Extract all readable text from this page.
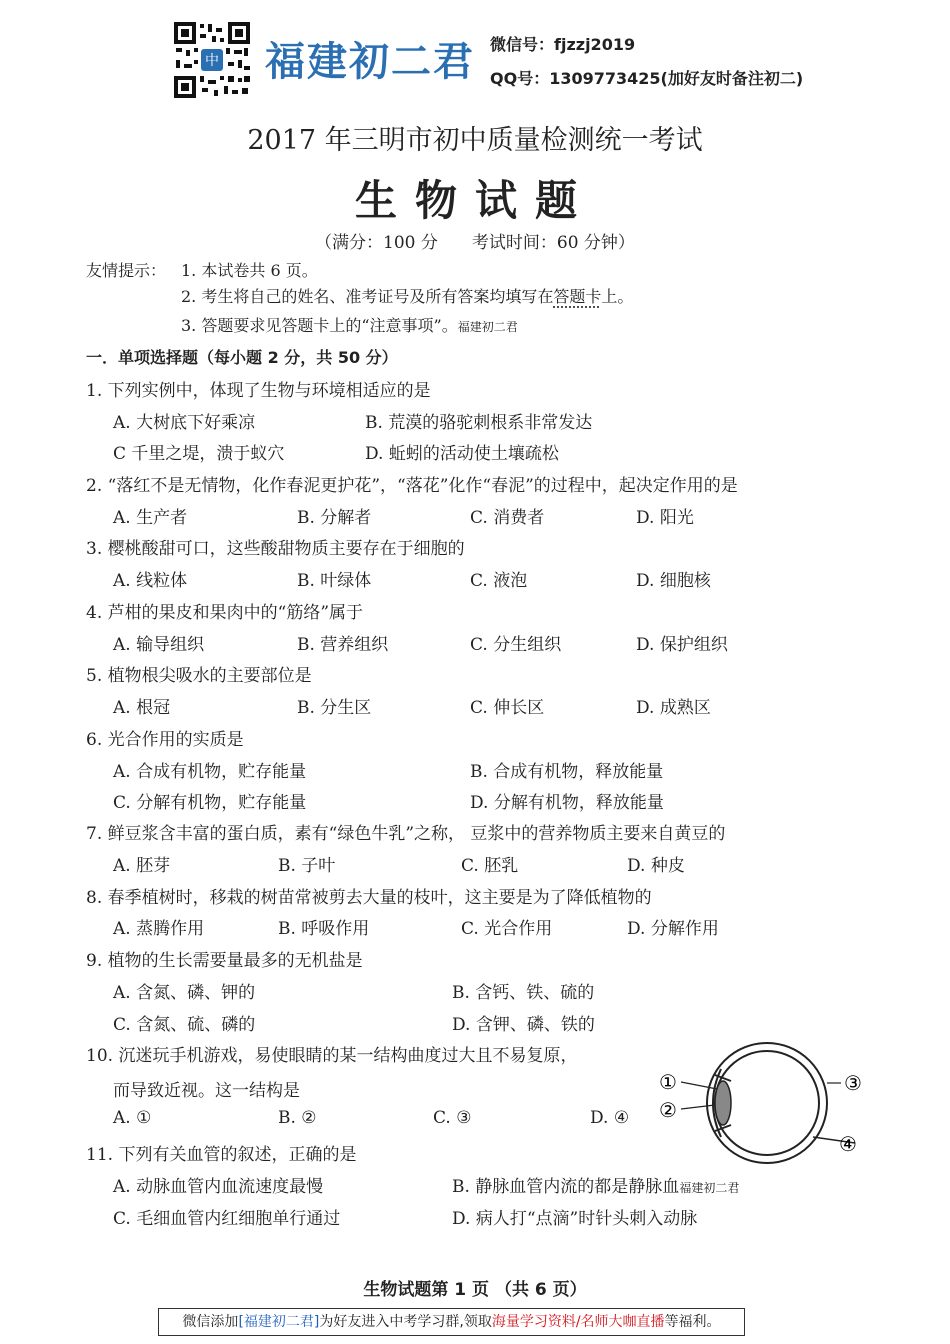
中 福建初二君 微信号：fjzzj2019
QQ号：1309773425(加好友时备注初二)
2017 年三明市初中质量检测统一考试
生物试题
（满分：100 分　　考试时间：60 分钟）
友情提示： 1. 本试卷共 6 页。
2. 考生将自己的姓名、准考证号及所有答案均填写在答题卡上。
3. 答题要求见答题卡上的“注意事项”。福建初二君
一．单项选择题（每小题 2 分，共 50 分）
1. 下列实例中，体现了生物与环境相适应的是
A. 大树底下好乘凉	B. 荒漠的骆驼刺根系非常发达
C 千里之堤，溃于蚁穴	D. 蚯蚓的活动使土壤疏松
2. “落红不是无情物，化作春泥更护花”，“落花”化作“春泥”的过程中，起决定作用的是
A. 生产者	B. 分解者	C. 消费者	D. 阳光
3. 樱桃酸甜可口，这些酸甜物质主要存在于细胞的
A. 线粒体	B. 叶绿体	C. 液泡	D. 细胞核
4. 芦柑的果皮和果肉中的“筋络”属于
A. 输导组织	B. 营养组织	C. 分生组织	D. 保护组织
5. 植物根尖吸水的主要部位是
A. 根冠	B. 分生区	C. 伸长区	D. 成熟区
6. 光合作用的实质是
A. 合成有机物，贮存能量	B. 合成有机物，释放能量
C. 分解有机物，贮存能量	D. 分解有机物，释放能量
7. 鲜豆浆含丰富的蛋白质，素有“绿色牛乳”之称， 豆浆中的营养物质主要来自黄豆的
A. 胚芽	B. 子叶	C. 胚乳	D. 种皮
8. 春季植树时，移栽的树苗常被剪去大量的枝叶，这主要是为了降低植物的
A. 蒸腾作用	B. 呼吸作用	C. 光合作用	D. 分解作用
9. 植物的生长需要量最多的无机盐是
A. 含氮、磷、钾的	B. 含钙、铁、硫的
C. 含氮、硫、磷的	D. 含钾、磷、铁的
10. 沉迷玩手机游戏，易使眼睛的某一结构曲度过大且不易复原，
而导致近视。这一结构是
A. ①	B. ②	C. ③	D. ④
①
②
③
④
11. 下列有关血管的叙述，正确的是
A. 动脉血管内血流速度最慢	B. 静脉血管内流的都是静脉血福建初二君
C. 毛细血管内红细胞单行通过	D. 病人打“点滴”时针头刺入动脉
生物试题第 1 页 （共 6 页）
微信添加[福建初二君]为好友进入中考学习群,领取海量学习资料/名师大咖直播等福利。
